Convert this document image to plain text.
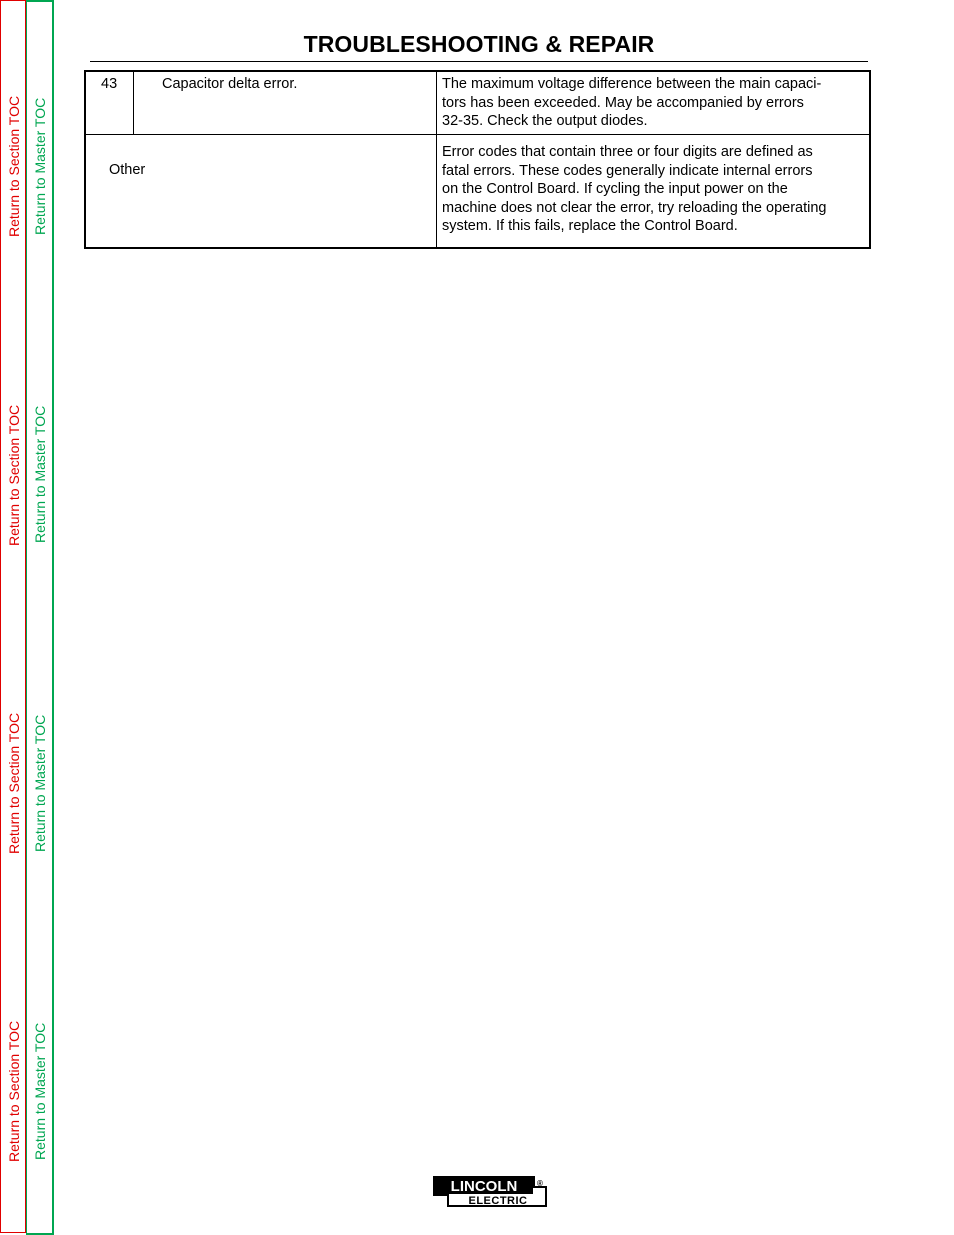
Return to Section TOC
Return to Section TOC
Return to Section TOC
Return to Section TOC
Return to Master TOC
Return to Master TOC
Return to Master TOC
Return to Master TOC
TROUBLESHOOTING & REPAIR
43	Capacitor delta error.	The maximum voltage difference between the main capaci-
tors has been exceeded. May be accompanied by errors
32-35. Check the output diodes.
Other
Error codes that contain three or four digits are defined as
fatal errors. These codes generally indicate internal errors
on the Control Board. If cycling the input power on the
machine does not clear the error, try reloading the operating
system. If this fails, replace the Control Board.
LINCOLN
ELECTRIC
®
